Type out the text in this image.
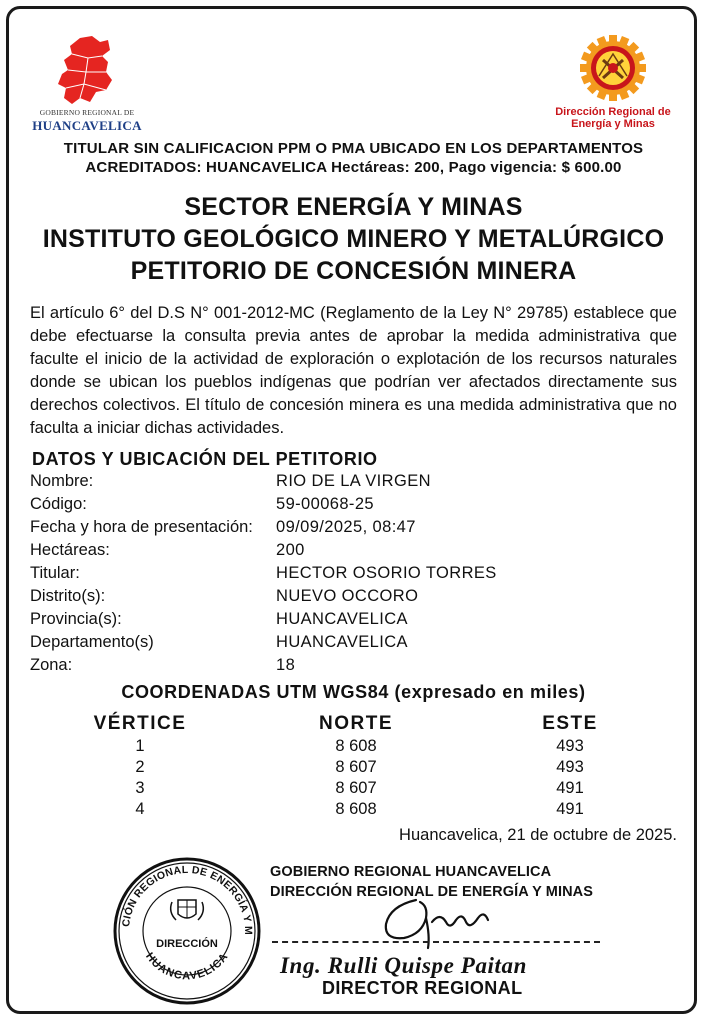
GOBIERNO REGIONAL DE
HUANCAVELICA
Dirección Regional de Energía y Minas
TITULAR SIN CALIFICACION PPM O PMA UBICADO EN LOS DEPARTAMENTOS
ACREDITADOS: HUANCAVELICA Hectáreas: 200, Pago vigencia: $ 600.00
SECTOR ENERGÍA Y MINAS
INSTITUTO GEOLÓGICO MINERO Y METALÚRGICO
PETITORIO DE CONCESIÓN MINERA
El artículo 6° del D.S N° 001-2012-MC (Reglamento de la Ley N° 29785) establece que debe efectuarse la consulta previa antes de aprobar la medida administrativa que faculte el inicio de la actividad de exploración o explotación de los recursos naturales donde se ubican los pueblos indígenas que podrían ver afectados directamente sus derechos colectivos. El título de concesión minera es una medida administrativa que no faculta a iniciar dichas actividades.
DATOS Y UBICACIÓN DEL PETITORIO
Nombre:	RIO DE LA VIRGEN
Código:	59-00068-25
Fecha y hora de presentación: 09/09/2025, 08:47
Hectáreas:	200
Titular:	HECTOR OSORIO TORRES
Distrito(s):	NUEVO OCCORO
Provincia(s):	HUANCAVELICA
Departamento(s)	HUANCAVELICA
Zona:	18
COORDENADAS UTM WGS84 (expresado en miles)
VÉRTICE	NORTE	ESTE
1	8 608	493
2	8 607	493
3	8 607	491
4	8 608	491
Huancavelica, 21 de octubre de 2025.
CIÓN REGIONAL DE ENERGÍA Y M
HUANCAVELICA
DIRECCIÓN
GOBIERNO REGIONAL HUANCAVELICA
DIRECCIÓN REGIONAL DE ENERGÍA Y MINAS
Ing. Rulli Quispe Paitan
DIRECTOR REGIONAL
